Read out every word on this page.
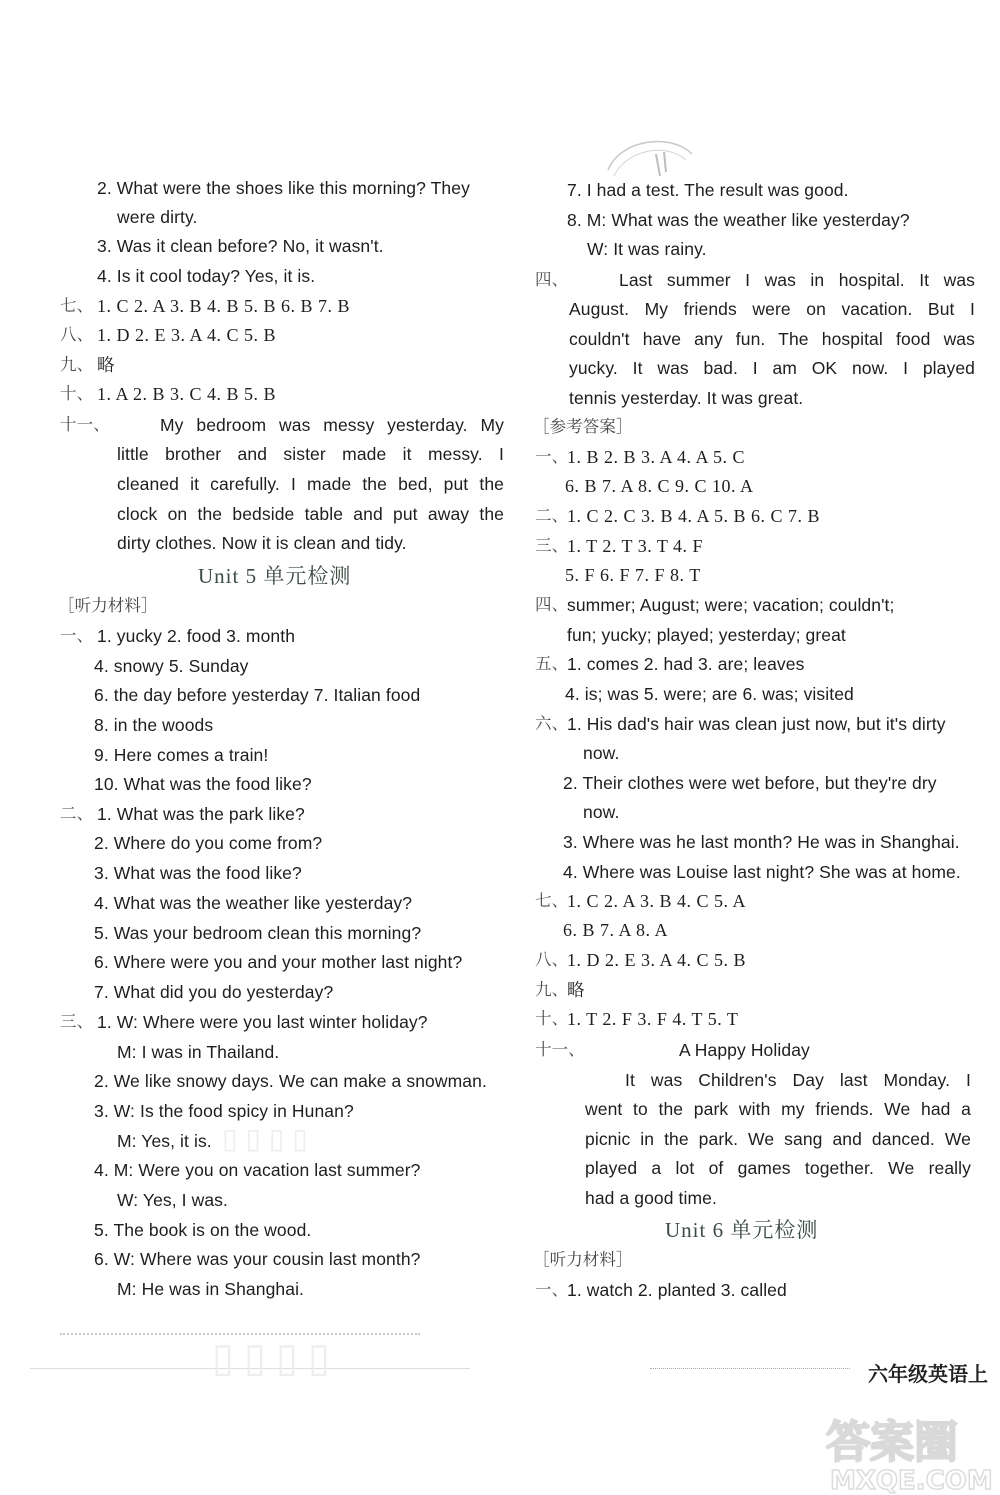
2. What were the shoes like this morning? They
were dirty.
3. Was it clean before? No, it wasn't.
4. Is it cool today? Yes, it is.
七、 1. C 2. A 3. B 4. B 5. B 6. B 7. B
八、 1. D 2. E 3. A 4. C 5. B
九、 略
十、 1. A 2. B 3. C 4. B 5. B
十一、	My bedroom was messy yesterday. My
little brother and sister made it messy. I
cleaned it carefully. I made the bed, put the
clock on the bedside table and put away the
dirty clothes. Now it is clean and tidy.
Unit 5 单元检测
［听力材料］
一、 1. yucky 2. food 3. month
4. snowy 5. Sunday
6. the day before yesterday 7. Italian food
8. in the woods
9. Here comes a train!
10. What was the food like?
二、 1. What was the park like?
2. Where do you come from?
3. What was the food like?
4. What was the weather like yesterday?
5. Was your bedroom clean this morning?
6. Where were you and your mother last night?
7. What did you do yesterday?
三、 1. W: Where were you last winter holiday?
M: I was in Thailand.
2. We like snowy days. We can make a snowman.
3. W: Is the food spicy in Hunan?
M: Yes, it is.
4. M: Were you on vacation last summer?
W: Yes, I was.
5. The book is on the wood.
6. W: Where was your cousin last month?
M: He was in Shanghai.
7. I had a test. The result was good.
8. M: What was the weather like yesterday?
W: It was rainy.
四、	Last summer I was in hospital. It was
August. My friends were on vacation. But I
couldn't have any fun. The hospital food was
yucky. It was bad. I am OK now. I played
tennis yesterday. It was great.
［参考答案］
一、
1. B 2. B 3. A 4. A 5. C
6. B 7. A 8. C 9. C 10. A
二、
1. C 2. C 3. B 4. A 5. B 6. C 7. B
三、
1. T 2. T 3. T 4. F
5. F 6. F 7. F 8. T
四、
summer; August; were; vacation; couldn't;
fun; yucky; played; yesterday; great
五、
1. comes 2. had 3. are; leaves
4. is; was 5. were; are 6. was; visited
六、
1. His dad's hair was clean just now, but it's dirty
now.
2. Their clothes were wet before, but they're dry
now.
3. Where was he last month? He was in Shanghai.
4. Where was Louise last night? She was at home.
七、
1. C 2. A 3. B 4. C 5. A
6. B 7. A 8. A
八、
1. D 2. E 3. A 4. C 5. B
九、
略
十、
1. T 2. F 3. F 4. T 5. T
十一、	A Happy Holiday
It was Children's Day last Monday. I
went to the park with my friends. We had a
picnic in the park. We sang and danced. We
played a lot of games together. We really
had a good time.
Unit 6 单元检测
［听力材料］
一、
1. watch 2. planted 3. called
▯▯▯▯
▯▯▯▯	六年级英语上
答案圈
MXQE.COM
